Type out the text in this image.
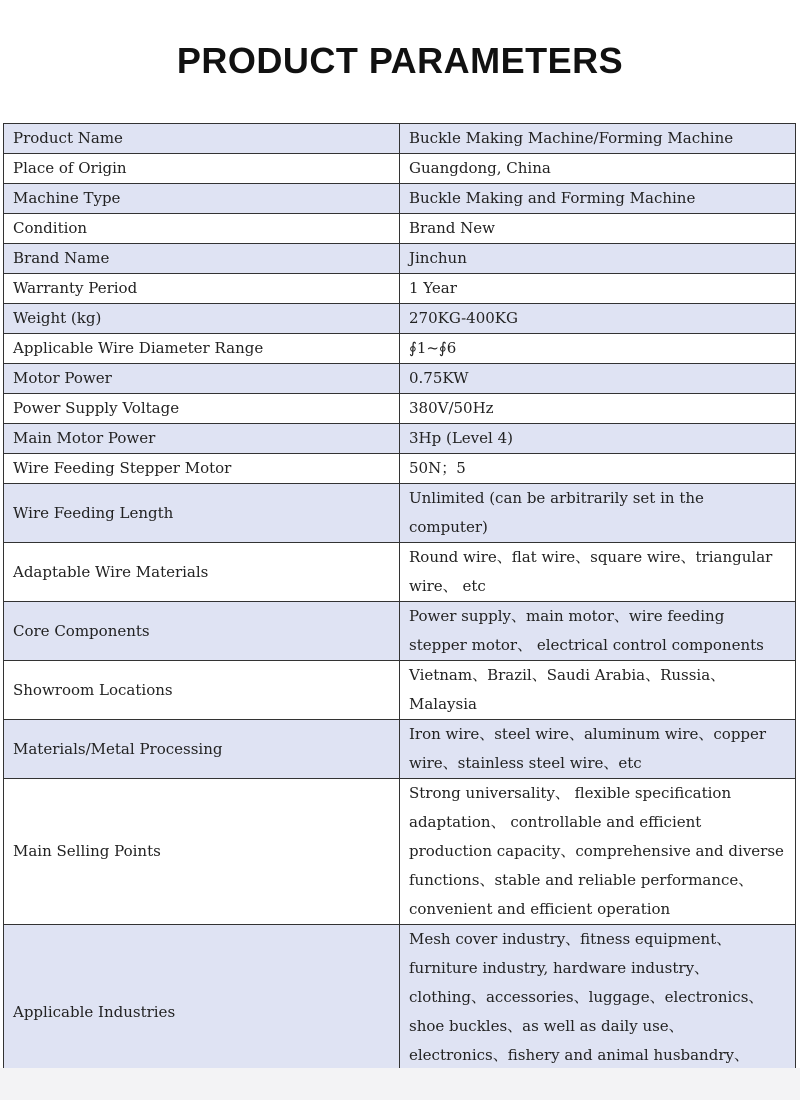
PRODUCT PARAMETERS
Product Name	Buckle Making Machine/Forming Machine
Place of Origin	Guangdong, China
Machine Type	Buckle Making and Forming Machine
Condition	Brand New
Brand Name	Jinchun
Warranty Period	1 Year
Weight (kg)	270KG-400KG
Applicable Wire Diameter Range	∮1~∮6
Motor Power	0.75KW
Power Supply Voltage	380V/50Hz
Main Motor Power	3Hp (Level 4)
Wire Feeding Stepper Motor	50N；5
Wire Feeding Length	Unlimited (can be arbitrarily set in the computer)
Adaptable Wire Materials	Round wire、flat wire、square wire、triangular wire、 etc
Core Components	Power supply、main motor、wire feeding stepper motor、 electrical control components
Showroom Locations	Vietnam、Brazil、Saudi Arabia、Russia、Malaysia
Materials/Metal Processing	Iron wire、steel wire、aluminum wire、copper wire、stainless steel wire、etc
Main Selling Points	Strong universality、 flexible specification adaptation、 controllable and efficient production capacity、comprehensive and diverse functions、stable and reliable performance、convenient and efficient operation
Applicable Industries	Mesh cover industry、fitness equipment、furniture industry, hardware industry、clothing、accessories、luggage、electronics、shoe buckles、as well as daily use、 electronics、fishery and animal husbandry、
